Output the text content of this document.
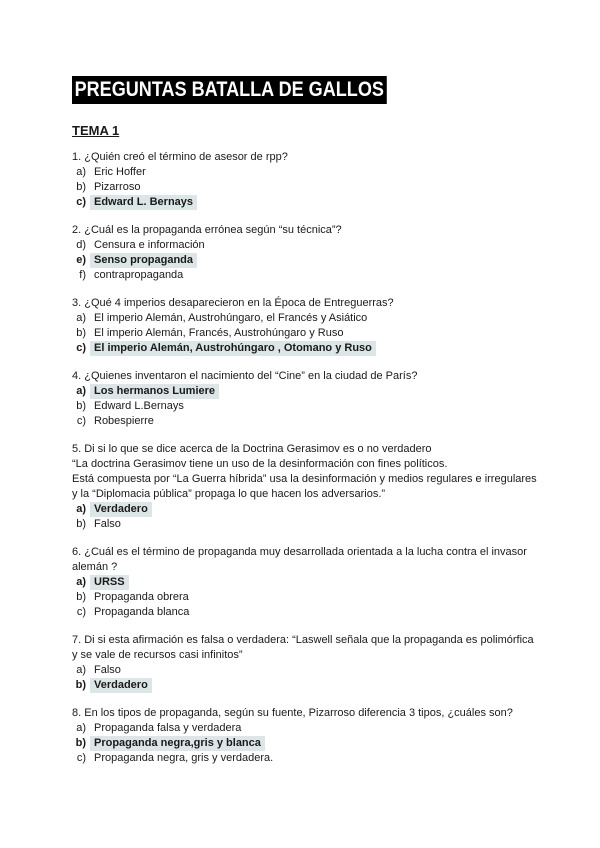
PREGUNTAS BATALLA DE GALLOS
TEMA 1
1. ¿Quién creó el término de asesor de rpp?
a) Eric Hoffer
b) Pizarroso
c) Edward L. Bernays
2. ¿Cuál es la propaganda errónea según “su técnica”?
d) Censura e información
e) Senso propaganda
f) contrapropaganda
3. ¿Qué 4 imperios desaparecieron en la Época de Entreguerras?
a) El imperio Alemán, Austrohúngaro, el Francés y Asiático
b) El imperio Alemán, Francés, Austrohúngaro y Ruso
c) El imperio Alemán, Austrohúngaro , Otomano y Ruso
4. ¿Quienes inventaron el nacimiento del “Cine” en la ciudad de París?
a) Los hermanos Lumiere
b) Edward L.Bernays
c) Robespierre
5. Di si lo que se dice acerca de la Doctrina Gerasimov es o no verdadero
“La doctrina Gerasimov tiene un uso de la desinformación con fines políticos.
Está compuesta por “La Guerra híbrida” usa la desinformación y medios regulares e irregulares y la “Diplomacia pública” propaga lo que hacen los adversarios.”
a) Verdadero
b) Falso
6. ¿Cuál es el término de propaganda muy desarrollada orientada a la lucha contra el invasor alemán ?
a) URSS
b) Propaganda obrera
c) Propaganda blanca
7. Di si esta afirmación es falsa o verdadera: “Laswell señala que la propaganda es polimórfica y se vale de recursos casi infinitos”
a) Falso
b) Verdadero
8. En los tipos de propaganda, según su fuente, Pizarroso diferencia 3 tipos, ¿cuáles son?
a) Propaganda falsa y verdadera
b) Propaganda negra,gris y blanca
c) Propaganda negra, gris y verdadera.
